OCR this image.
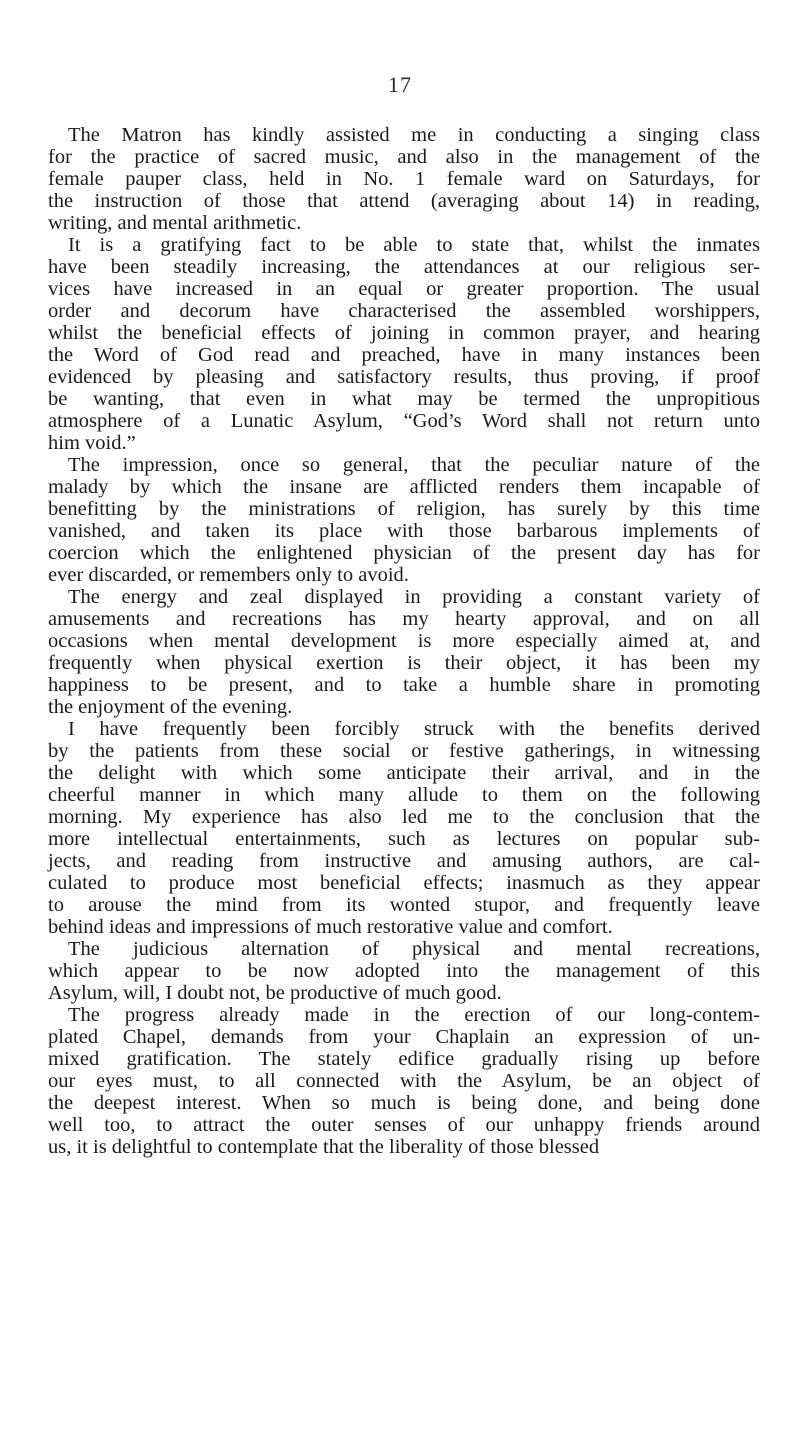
17
The Matron has kindly assisted me in conducting a singing class
for the practice of sacred music, and also in the management of the
female pauper class, held in No. 1 female ward on Saturdays, for
the instruction of those that attend (averaging about 14) in reading,
writing, and mental arithmetic.
It is a gratifying fact to be able to state that, whilst the inmates
have been steadily increasing, the attendances at our religious ser-
vices have increased in an equal or greater proportion. The usual
order and decorum have characterised the assembled worshippers,
whilst the beneficial effects of joining in common prayer, and hearing
the Word of God read and preached, have in many instances been
evidenced by pleasing and satisfactory results, thus proving, if proof
be wanting, that even in what may be termed the unpropitious
atmosphere of a Lunatic Asylum, “God’s Word shall not return unto
him void.”
The impression, once so general, that the peculiar nature of the
malady by which the insane are afflicted renders them incapable of
benefitting by the ministrations of religion, has surely by this time
vanished, and taken its place with those barbarous implements of
coercion which the enlightened physician of the present day has for
ever discarded, or remembers only to avoid.
The energy and zeal displayed in providing a constant variety of
amusements and recreations has my hearty approval, and on all
occasions when mental development is more especially aimed at, and
frequently when physical exertion is their object, it has been my
happiness to be present, and to take a humble share in promoting
the enjoyment of the evening.
I have frequently been forcibly struck with the benefits derived
by the patients from these social or festive gatherings, in witnessing
the delight with which some anticipate their arrival, and in the
cheerful manner in which many allude to them on the following
morning. My experience has also led me to the conclusion that the
more intellectual entertainments, such as lectures on popular sub-
jects, and reading from instructive and amusing authors, are cal-
culated to produce most beneficial effects; inasmuch as they appear
to arouse the mind from its wonted stupor, and frequently leave
behind ideas and impressions of much restorative value and comfort.
The judicious alternation of physical and mental recreations,
which appear to be now adopted into the management of this
Asylum, will, I doubt not, be productive of much good.
The progress already made in the erection of our long-contem-
plated Chapel, demands from your Chaplain an expression of un-
mixed gratification. The stately edifice gradually rising up before
our eyes must, to all connected with the Asylum, be an object of
the deepest interest. When so much is being done, and being done
well too, to attract the outer senses of our unhappy friends around
us, it is delightful to contemplate that the liberality of those blessed
